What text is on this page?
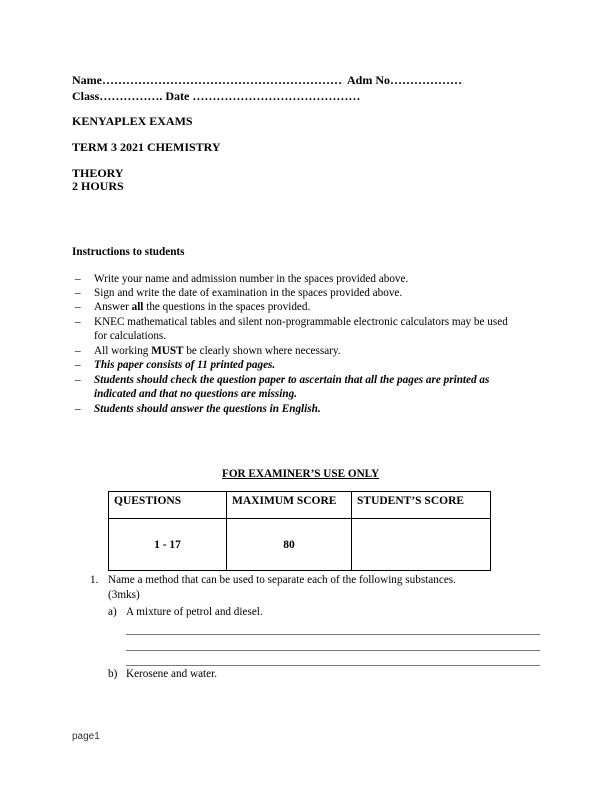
Name…………………………………………………… Adm No………………
Class……………. Date ……………………………………
KENYAPLEX EXAMS
TERM 3 2021 CHEMISTRY
THEORY
2 HOURS
Instructions to students
–	Write your name and admission number in the spaces provided above.
–	Sign and write the date of examination in the spaces provided above.
–	Answer all the questions in the spaces provided.
–	KNEC mathematical tables and silent non-programmable electronic calculators may be used
for calculations.
–	All working MUST be clearly shown where necessary.
–	This paper consists of 11 printed pages.
–	Students should check the question paper to ascertain that all the pages are printed as
indicated and that no questions are missing.
–	Students should answer the questions in English.
FOR EXAMINER’S USE ONLY
QUESTIONS	MAXIMUM SCORE	STUDENT’S SCORE
1 - 17	80	
1. Name a method that can be used to separate each of the following substances.
(3mks)
a) A mixture of petrol and diesel.
b) Kerosene and water.
page1
